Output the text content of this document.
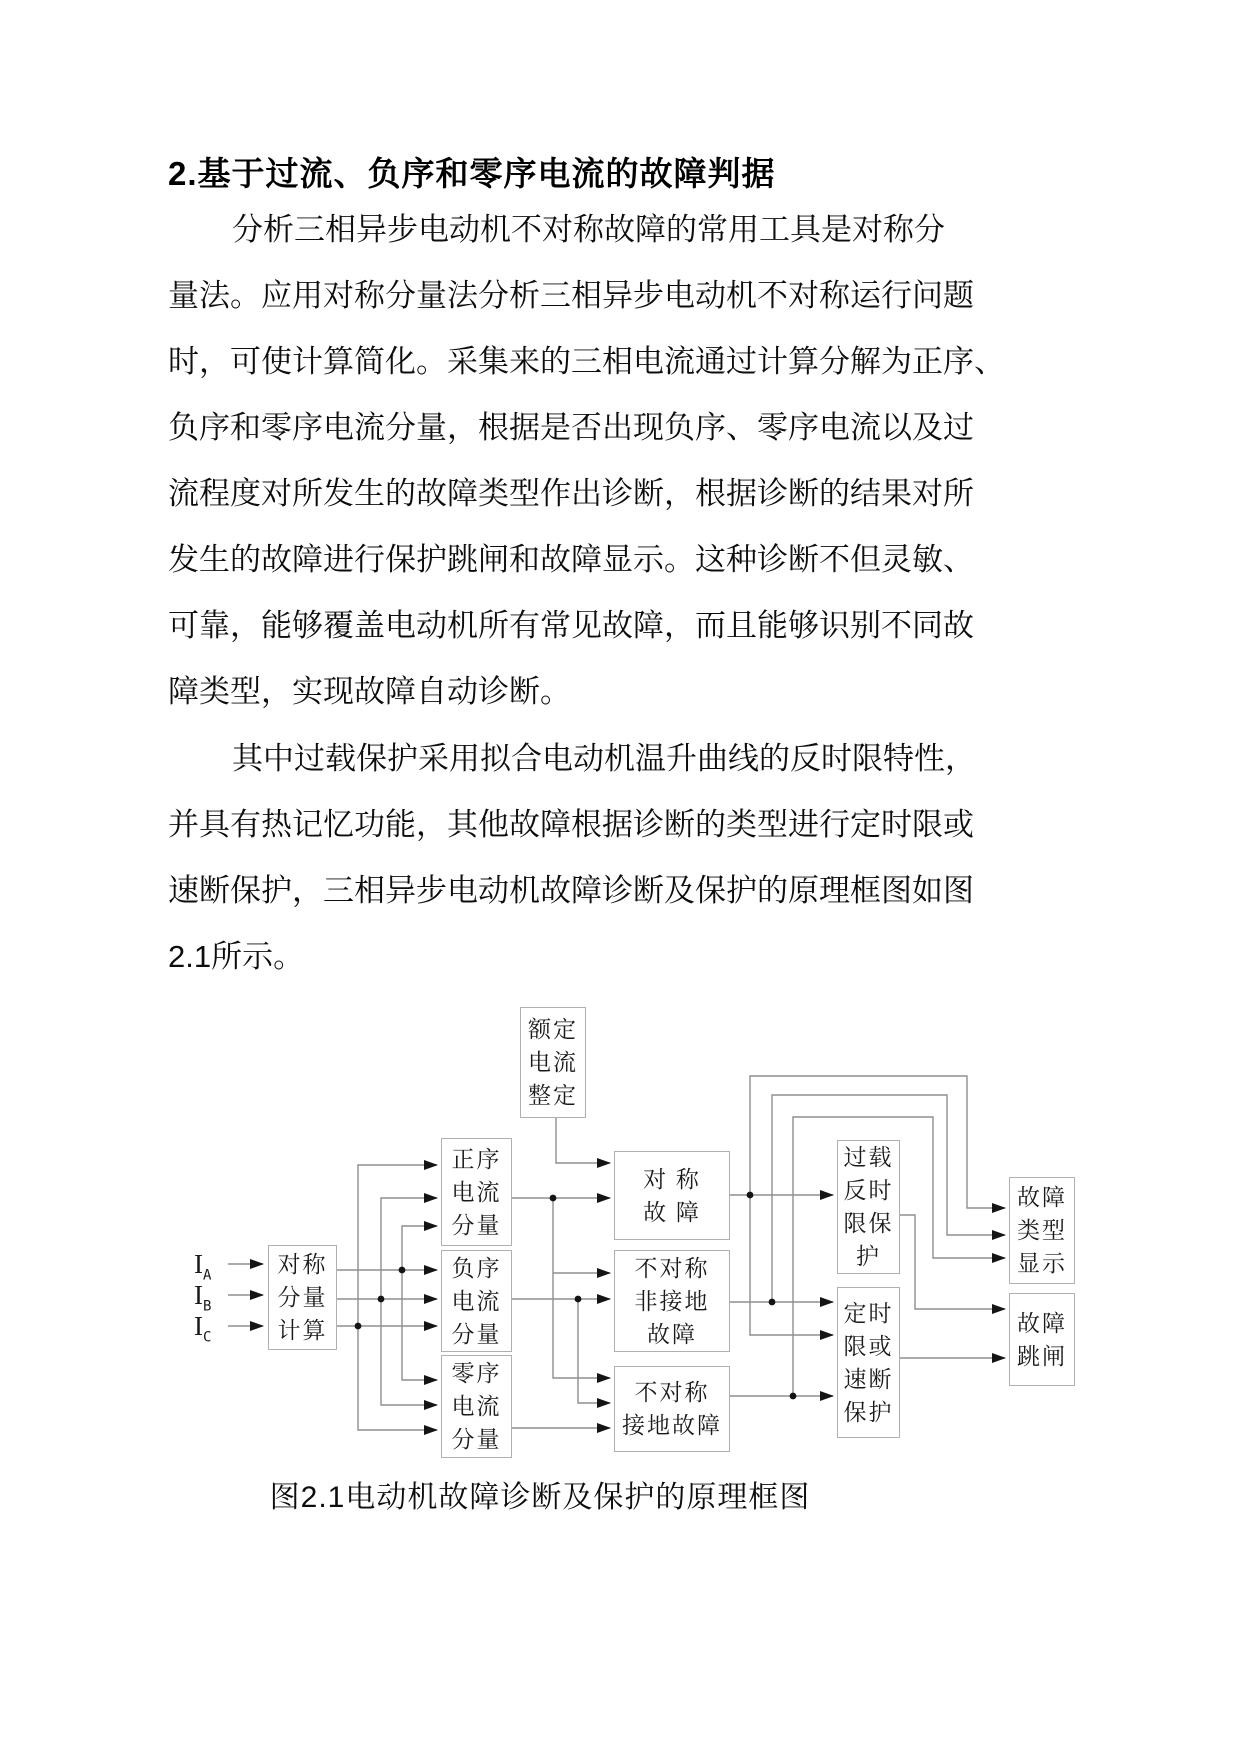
2.基于过流、负序和零序电流的故障判据
分析三相异步电动机不对称故障的常用工具是对称分
量法。应用对称分量法分析三相异步电动机不对称运行问题
时，可使计算简化。采集来的三相电流通过计算分解为正序、
负序和零序电流分量，根据是否出现负序、零序电流以及过
流程度对所发生的故障类型作出诊断，根据诊断的结果对所
发生的故障进行保护跳闸和故障显示。这种诊断不但灵敏、
可靠，能够覆盖电动机所有常见故障，而且能够识别不同故
障类型，实现故障自动诊断。
其中过载保护采用拟合电动机温升曲线的反时限特性，
并具有热记忆功能，其他故障根据诊断的类型进行定时限或
速断保护，三相异步电动机故障诊断及保护的原理框图如图
2.1所示。
$I_A$
$I_B$
$I_C$
额定
电流
整定
对称
分量
计算
正序
电流
分量
负序
电流
分量
零序
电流
分量
对 称
故 障
不对称
非接地
故障
不对称
接地故障
过载
反时
限保
护
定时
限或
速断
保护
故障
类型
显示
故障
跳闸
图2.1电动机故障诊断及保护的原理框图
